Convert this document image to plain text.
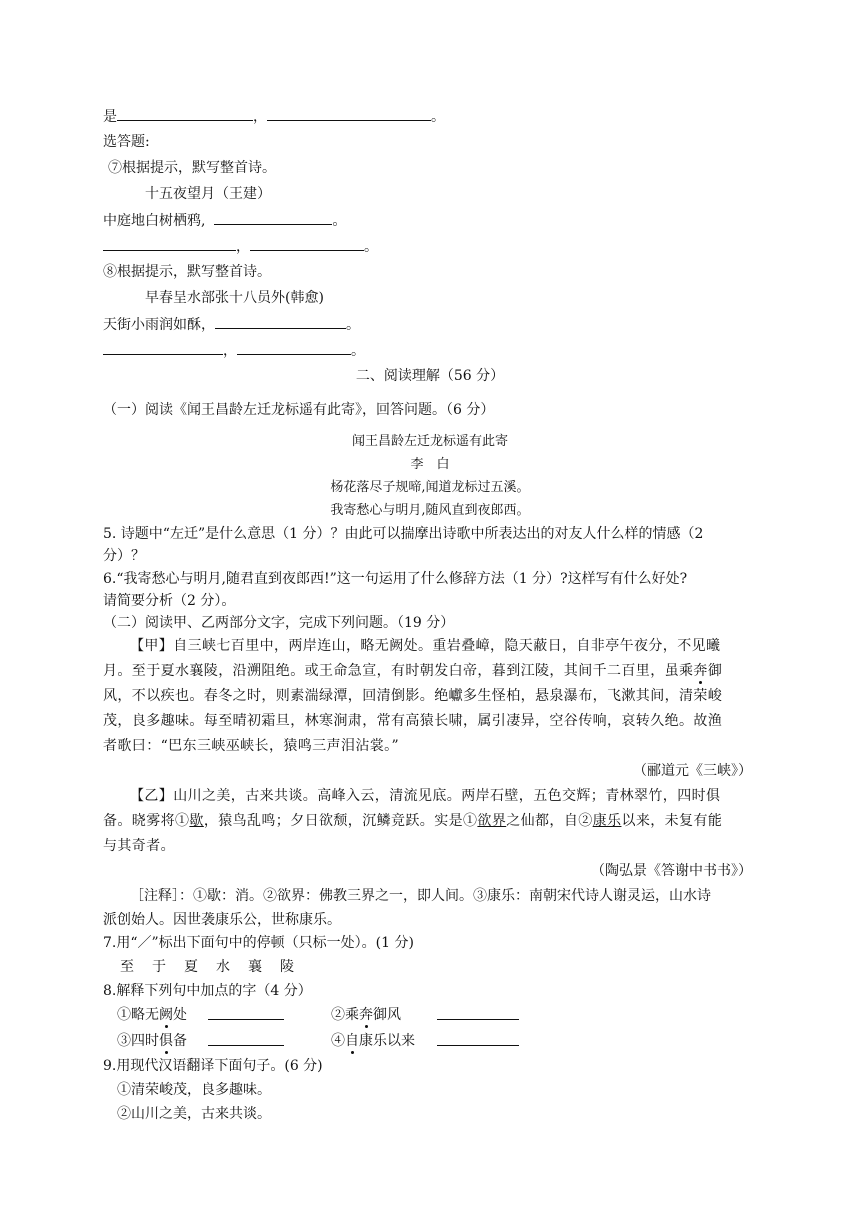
是	，	。
选答题:
⑦根据提示，默写整首诗。
十五夜望月（王建）
中庭地白树栖鸦,	。
，	。
⑧根据提示，默写整首诗。
早春呈水部张十八员外(韩愈)
天街小雨润如酥，	。
，	。
二、阅读理解（56 分）
（一）阅读《闻王昌龄左迁龙标遥有此寄》，回答问题。（6 分）
闻王昌龄左迁龙标遥有此寄
李　白
杨花落尽子规啼,闻道龙标过五溪。
我寄愁心与明月,随风直到夜郎西。
5. 诗题中“左迁”是什么意思（1 分）？由此可以揣摩出诗歌中所表达出的对友人什么样的情感（2
分）？
6.“我寄愁心与明月,随君直到夜郎西!”这一句运用了什么修辞方法（1 分）?这样写有什么好处?
请简要分析（2 分）。
（二）阅读甲、乙两部分文字，完成下列问题。（19 分）
【甲】自三峡七百里中，两岸连山，略无阙处。重岩叠嶂，隐天蔽日，自非亭午夜分，不见曦
月。至于夏水襄陵，沿溯阻绝。或王命急宣，有时朝发白帝，暮到江陵，其间千二百里，虽乘奔御
风，不以疾也。春冬之时，则素湍绿潭，回清倒影。绝巘多生怪柏，悬泉瀑布，飞漱其间，清荣峻
茂，良多趣味。每至晴初霜旦，林寒涧肃，常有高猿长啸，属引凄异，空谷传响，哀转久绝。故渔
者歌曰：“巴东三峡巫峡长，猿鸣三声泪沾裳。”
（郦道元《三峡》）
【乙】山川之美，古来共谈。高峰入云，清流见底。两岸石壁，五色交辉；青林翠竹，四时俱
备。晓雾将①歇，猿鸟乱鸣；夕日欲颓，沉鳞竞跃。实是①欲界之仙都，自②康乐以来，未复有能
与其奇者。
（陶弘景《答谢中书书》）
［注释］：①歇：消。②欲界：佛教三界之一，即人间。③康乐：南朝宋代诗人谢灵运，山水诗
派创始人。因世袭康乐公，世称康乐。
7.用“／”标出下面句中的停顿（只标一处）。(1 分)
至 于 夏 水 襄 陵
8.解释下列句中加点的字（4 分）
①略无阙处	②乘奔御风
③四时俱备	④自康乐以来
9.用现代汉语翻译下面句子。(6 分)
①清荣峻茂，良多趣味。
②山川之美，古来共谈。
